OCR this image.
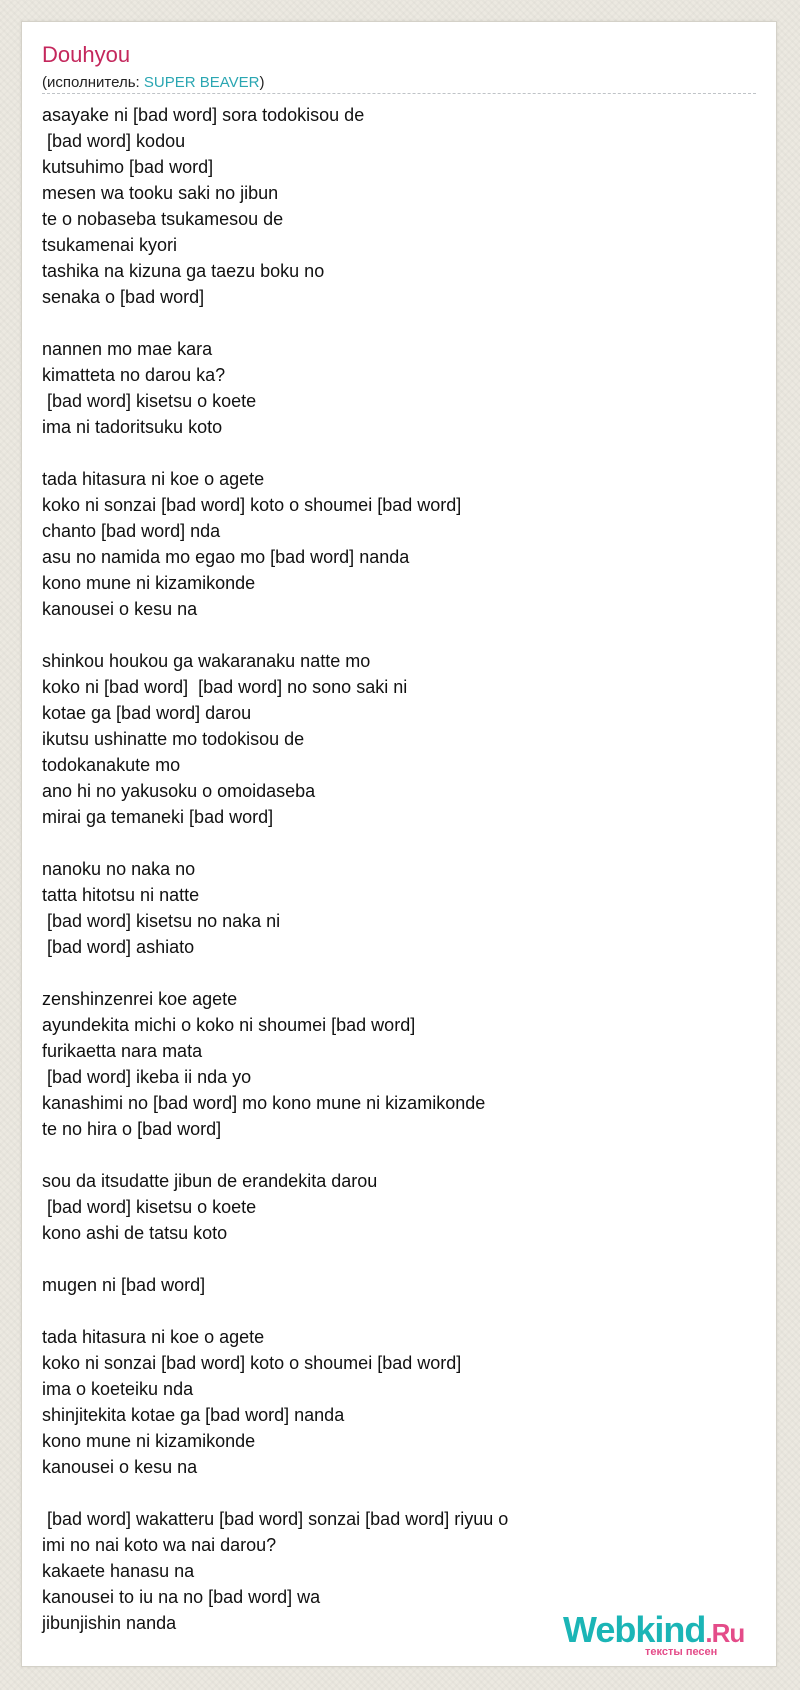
Douhyou
(исполнитель: SUPER BEAVER)
asayake ni [bad word] sora todokisou de
[bad word] kodou
kutsuhimo [bad word]
mesen wa tooku saki no jibun
te o nobaseba tsukamesou de
tsukamenai kyori
tashika na kizuna ga taezu boku no
senaka o [bad word]
nannen mo mae kara
kimatteta no darou ka?
[bad word] kisetsu o koete
ima ni tadoritsuku koto
tada hitasura ni koe o agete
koko ni sonzai [bad word] koto o shoumei [bad word]
chanto [bad word] nda
asu no namida mo egao mo [bad word] nanda
kono mune ni kizamikonde
kanousei o kesu na
shinkou houkou ga wakaranaku natte mo
koko ni [bad word]  [bad word] no sono saki ni
kotae ga [bad word] darou
ikutsu ushinatte mo todokisou de
todokanakute mo
ano hi no yakusoku o omoidaseba
mirai ga temaneki [bad word]
nanoku no naka no
tatta hitotsu ni natte
[bad word] kisetsu no naka ni
[bad word] ashiato
zenshinzenrei koe agete
ayundekita michi o koko ni shoumei [bad word]
furikaetta nara mata
[bad word] ikeba ii nda yo
kanashimi no [bad word] mo kono mune ni kizamikonde
te no hira o [bad word]
sou da itsudatte jibun de erandekita darou
[bad word] kisetsu o koete
kono ashi de tatsu koto
mugen ni [bad word]
tada hitasura ni koe o agete
koko ni sonzai [bad word] koto o shoumei [bad word]
ima o koeteiku nda
shinjitekita kotae ga [bad word] nanda
kono mune ni kizamikonde
kanousei o kesu na
[bad word] wakatteru [bad word] sonzai [bad word] riyuu o
imi no nai koto wa nai darou?
kakaete hanasu na
kanousei to iu na no [bad word] wa
jibunjishin nanda	Webkind.Ru
тексты песен
